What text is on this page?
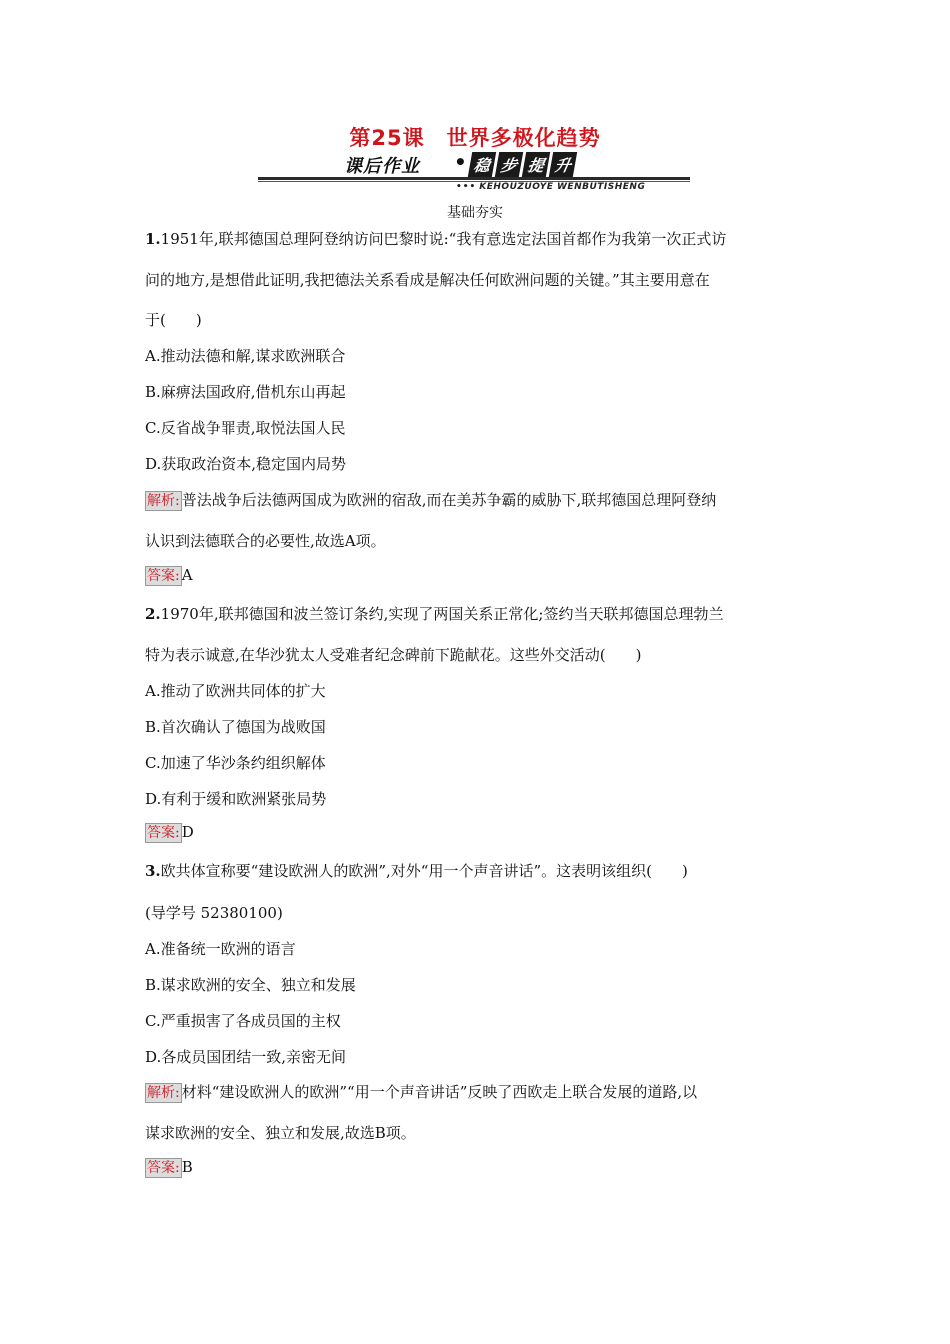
第25课　世界多极化趋势
课后作业 • 稳 步 提 升
••• KEHOUZUOYE WENBUTISHENG
基础夯实
1.1951年,联邦德国总理阿登纳访问巴黎时说:“我有意选定法国首都作为我第一次正式访
问的地方,是想借此证明,我把德法关系看成是解决任何欧洲问题的关键。”其主要用意在
于(　　)
A.推动法德和解,谋求欧洲联合
B.麻痹法国政府,借机东山再起
C.反省战争罪责,取悦法国人民
D.获取政治资本,稳定国内局势
解析: 普法战争后法德两国成为欧洲的宿敌,而在美苏争霸的威胁下,联邦德国总理阿登纳
认识到法德联合的必要性,故选A项。
答案: A
2.1970年,联邦德国和波兰签订条约,实现了两国关系正常化;签约当天联邦德国总理勃兰
特为表示诚意,在华沙犹太人受难者纪念碑前下跪献花。这些外交活动(　　)
A.推动了欧洲共同体的扩大
B.首次确认了德国为战败国
C.加速了华沙条约组织解体
D.有利于缓和欧洲紧张局势
答案: D
3.欧共体宣称要“建设欧洲人的欧洲”,对外“用一个声音讲话”。这表明该组织(　　)
(导学号 52380100)
A.准备统一欧洲的语言
B.谋求欧洲的安全、独立和发展
C.严重损害了各成员国的主权
D.各成员国团结一致,亲密无间
解析: 材料“建设欧洲人的欧洲”“用一个声音讲话”反映了西欧走上联合发展的道路,以
谋求欧洲的安全、独立和发展,故选B项。
答案: B
